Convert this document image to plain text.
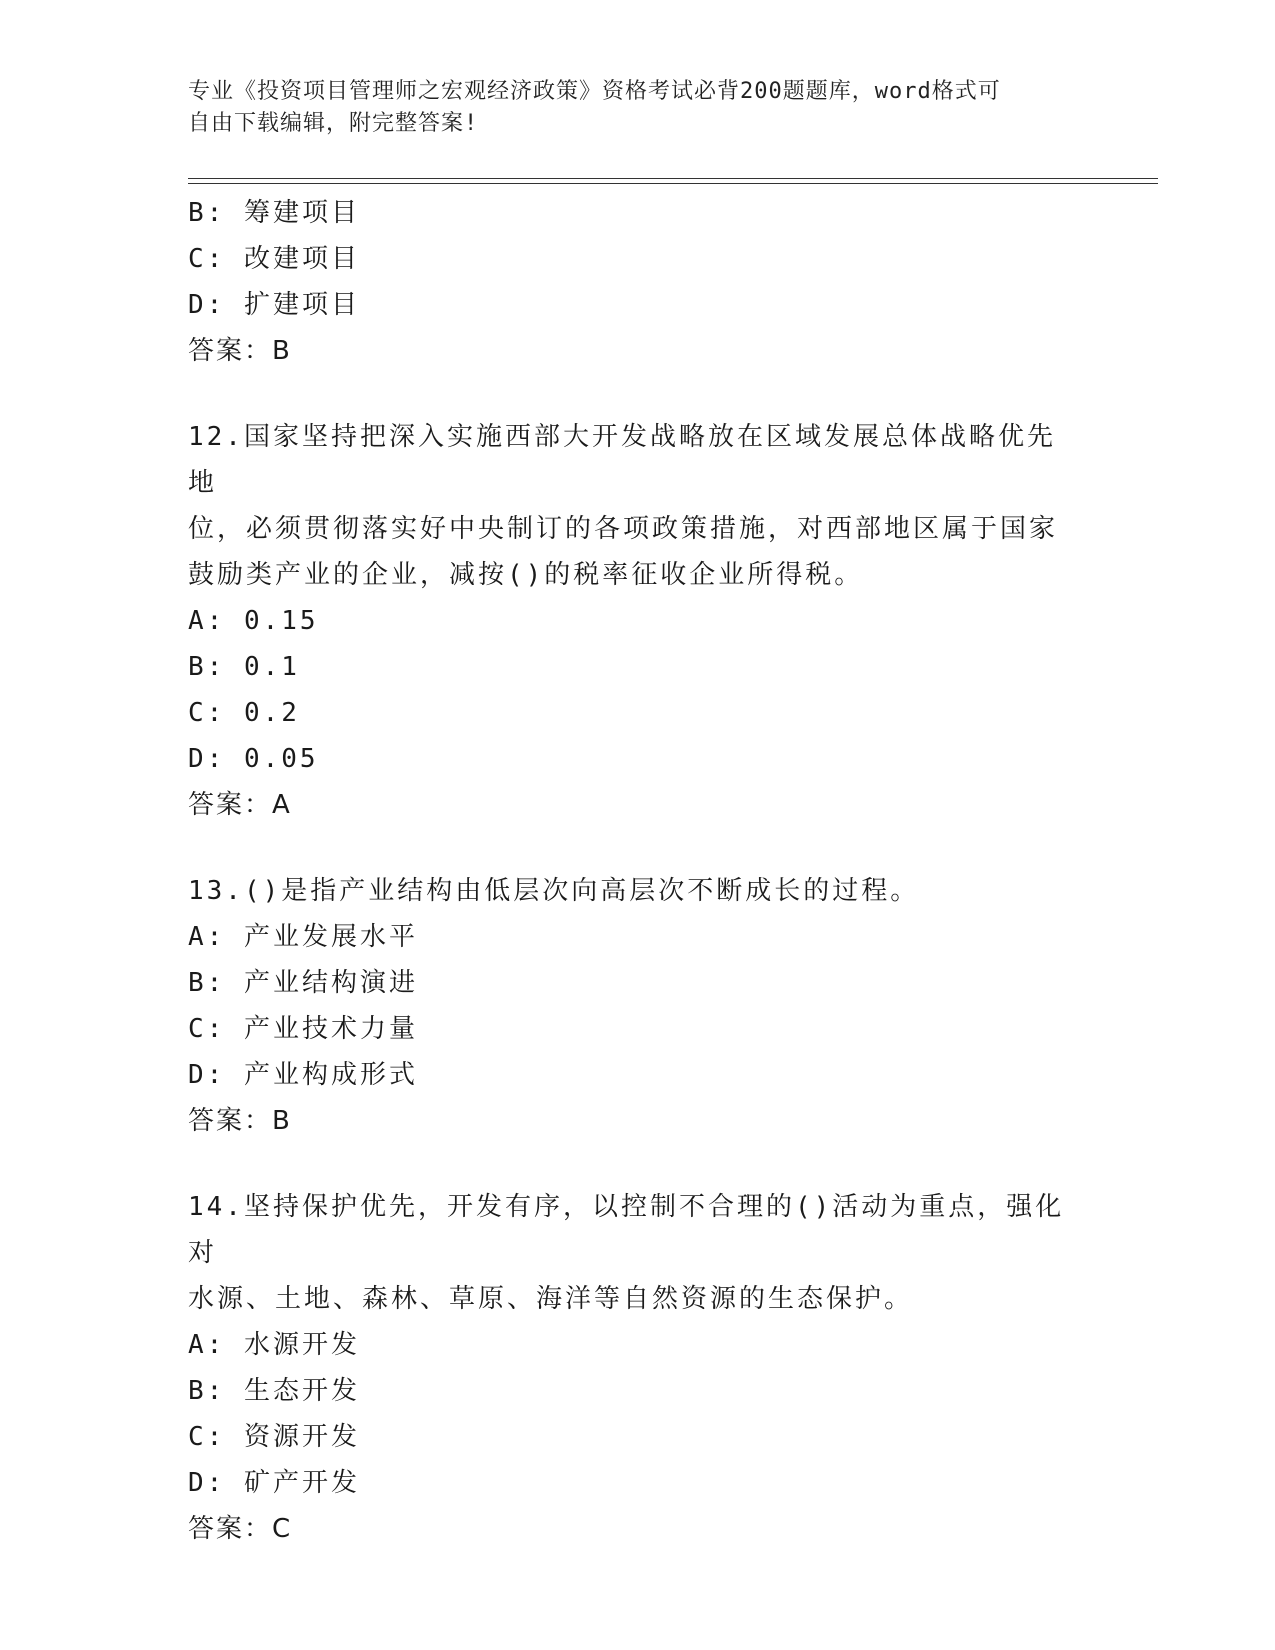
专业《投资项目管理师之宏观经济政策》资格考试必背200题题库，word格式可
自由下载编辑，附完整答案!
B: 筹建项目
C: 改建项目
D: 扩建项目
答案：B
12.国家坚持把深入实施西部大开发战略放在区域发展总体战略优先地
位，必须贯彻落实好中央制订的各项政策措施，对西部地区属于国家
鼓励类产业的企业，减按()的税率征收企业所得税。
A: 0.15
B: 0.1
C: 0.2
D: 0.05
答案：A
13.()是指产业结构由低层次向高层次不断成长的过程。
A: 产业发展水平
B: 产业结构演进
C: 产业技术力量
D: 产业构成形式
答案：B
14.坚持保护优先，开发有序，以控制不合理的()活动为重点，强化对
水源、土地、森林、草原、海洋等自然资源的生态保护。
A: 水源开发
B: 生态开发
C: 资源开发
D: 矿产开发
答案：C
